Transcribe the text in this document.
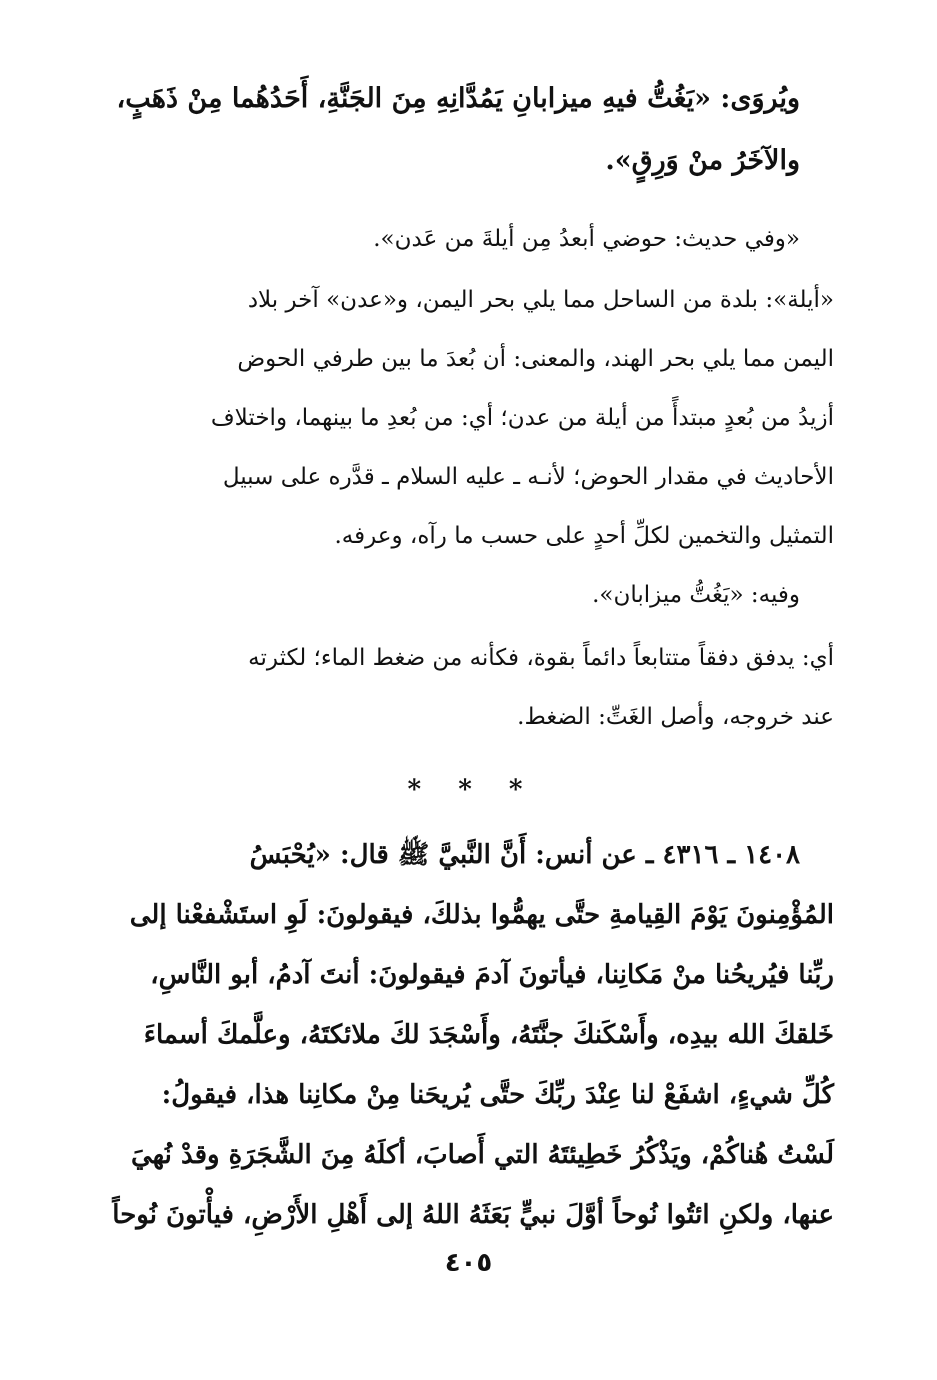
ويُروَى: «يَغُتُّ فيهِ ميزابانِ يَمُدَّانِهِ مِنَ الجَنَّةِ، أَحَدُهُما مِنْ ذَهَبٍ،
والآخَرُ منْ وَرِقٍ».
«وفي حديث: حوضي أبعدُ مِن أيلةَ من عَدن».
«أيلة»: بلدة من الساحل مما يلي بحر اليمن، و«عدن» آخر بلاد
اليمن مما يلي بحر الهند، والمعنى: أن بُعدَ ما بين طرفي الحوض
أزيدُ من بُعدٍ مبتدأً من أيلة من عدن؛ أي: من بُعدِ ما بينهما، واختلاف
الأحاديث في مقدار الحوض؛ لأنـه ـ عليه السلام ـ قدَّره على سبيل
التمثيل والتخمين لكلِّ أحدٍ على حسب ما رآه، وعرفه.
وفيه: «يَغُتُّ ميزابان».
أي: يدفق دفقاً متتابعاً دائماً بقوة، فكأنه من ضغط الماء؛ لكثرته
عند خروجه، وأصل الغَتِّ: الضغط.
* * *
١٤٠٨ ـ ٤٣١٦ ـ عن أنس: أَنَّ النَّبيَّ ﷺ قال: «يُحْبَسُ
المُؤْمِنونَ يَوْمَ القِيامةِ حتَّى يهمُّوا بذلكَ، فيقولونَ: لَوِ استَشْفعْنا إلى
ربِّنا فيُريحُنا منْ مَكانِنا، فيأتونَ آدمَ فيقولونَ: أنتَ آدمُ، أبو النَّاسِ،
خَلقكَ الله بيدِه، وأَسْكَنكَ جنَّتَهُ، وأَسْجَدَ لكَ ملائكتَهُ، وعلَّمكَ أسماءَ
كُلِّ شيءٍ، اشفَعْ لنا عِنْدَ ربِّكَ حتَّى يُريحَنا مِنْ مكانِنا هذا، فيقولُ:
لَسْتُ هُناكُمْ، ويَذْكُرُ خَطِيئتَهُ التي أَصابَ، أكلَهُ مِنَ الشَّجَرَةِ وقدْ نُهيَ
عنها، ولكنِ ائتُوا نُوحاً أوَّلَ نبيٍّ بَعَثَهُ اللهُ إلى أَهْلِ الأَرْضِ، فيأْتونَ نُوحاً
٤٠٥
